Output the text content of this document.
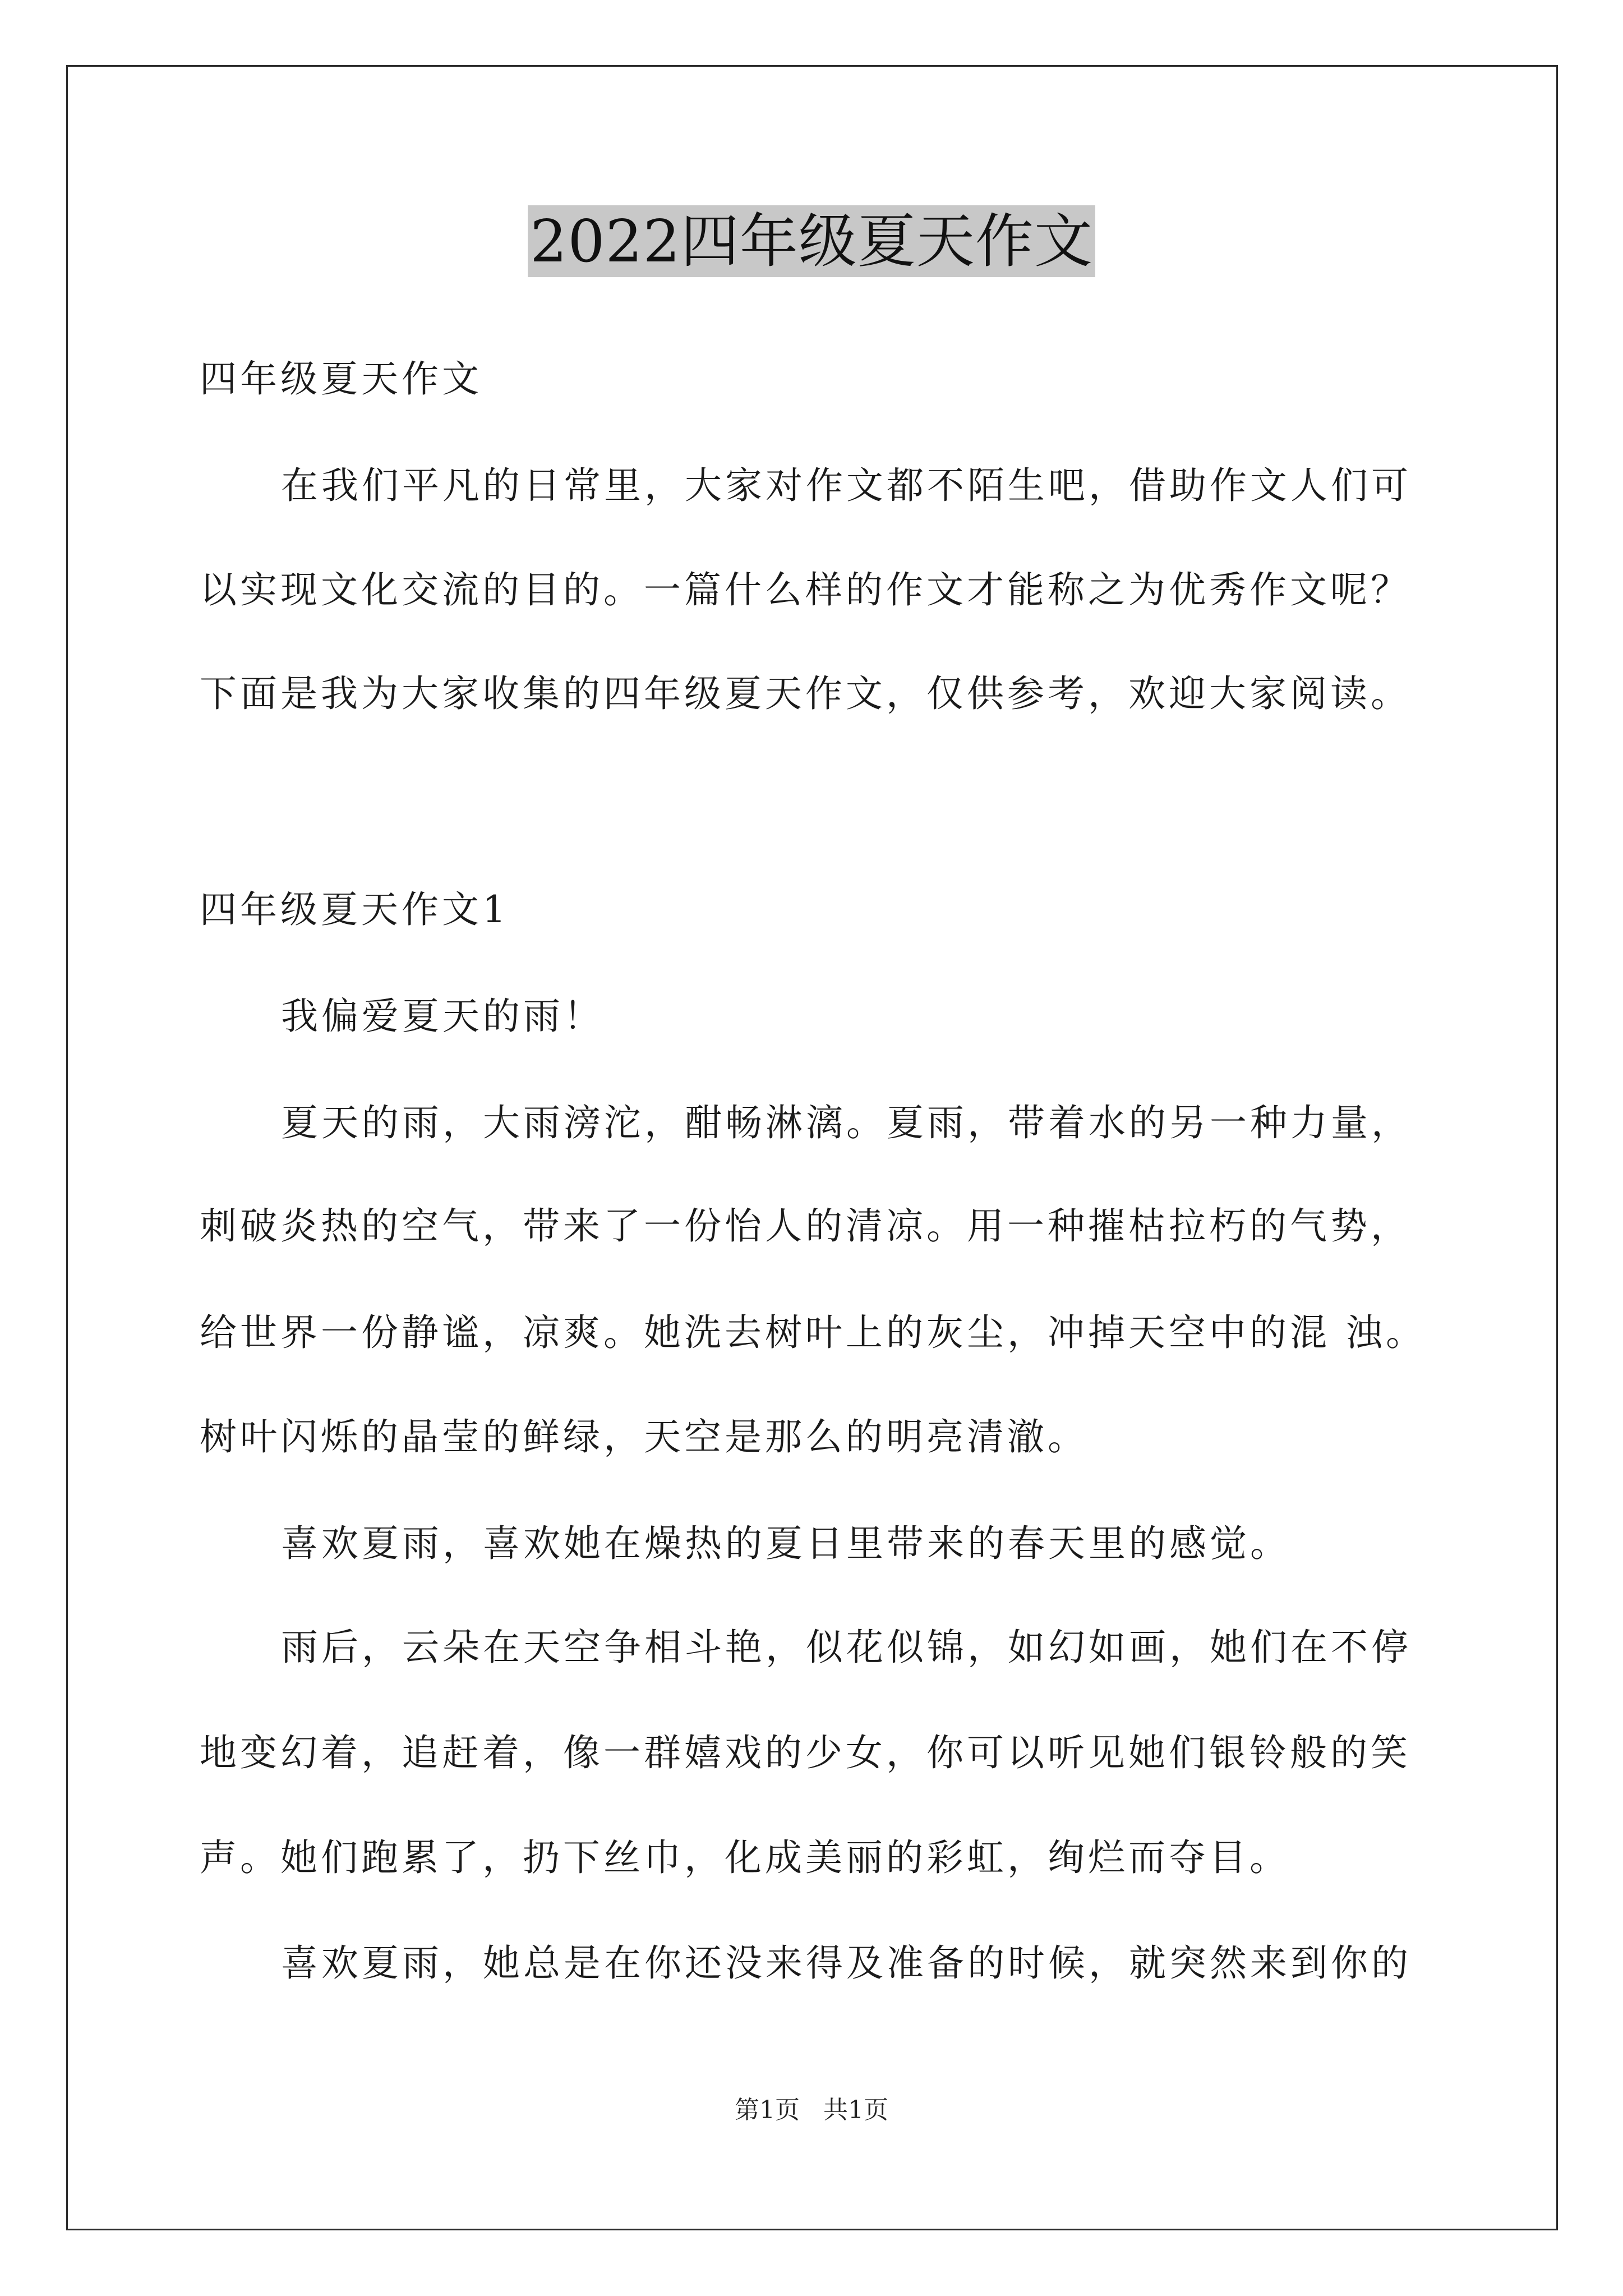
2022四年级夏天作文
四年级夏天作文
在我们平凡的日常里，大家对作文都不陌生吧，借助作文人们可
以实现文化交流的目的。一篇什么样的作文才能称之为优秀作文呢？
下面是我为大家收集的四年级夏天作文，仅供参考，欢迎大家阅读。
四年级夏天作文1
我偏爱夏天的雨！
夏天的雨，大雨滂沱，酣畅淋漓。夏雨，带着水的另一种力量，
刺破炎热的空气，带来了一份怡人的清凉。用一种摧枯拉朽的气势，
给世界一份静谧，凉爽。她洗去树叶上的灰尘，冲掉天空中的混 浊。
树叶闪烁的晶莹的鲜绿，天空是那么的明亮清澈。
喜欢夏雨，喜欢她在燥热的夏日里带来的春天里的感觉。
雨后，云朵在天空争相斗艳，似花似锦，如幻如画，她们在不停
地变幻着，追赶着，像一群嬉戏的少女，你可以听见她们银铃般的笑
声。她们跑累了，扔下丝巾，化成美丽的彩虹，绚烂而夺目。
喜欢夏雨，她总是在你还没来得及准备的时候，就突然来到你的
第1页   共1页
